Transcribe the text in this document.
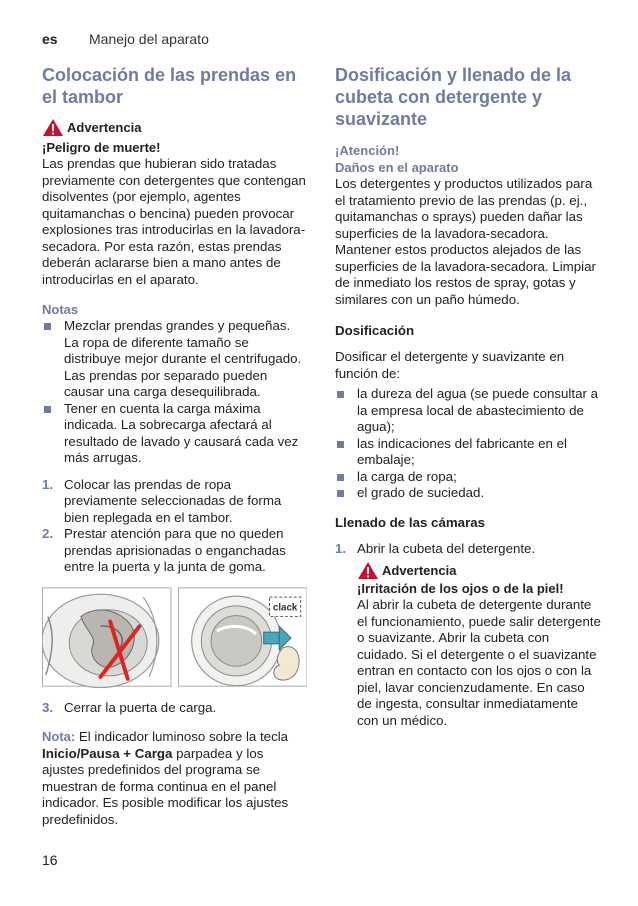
es Manejo del aparato
Colocación de las prendas en el tambor
Advertencia
¡Peligro de muerte!

Las prendas que hubieran sido tratadas previamente con detergentes que contengan disolventes (por ejemplo, agentes quitamanchas o bencina) pueden provocar explosiones tras introducirlas en la lavadora-secadora. Por esta razón, estas prendas deberán aclararse bien a mano antes de introducirlas en el aparato.

Notas
Mezclar prendas grandes y pequeñas. La ropa de diferente tamaño se distribuye mejor durante el centrifugado. Las prendas por separado pueden causar una carga desequilibrada.
Tener en cuenta la carga máxima indicada. La sobrecarga afectará al resultado de lavado y causará cada vez más arrugas.
1. Colocar las prendas de ropa previamente seleccionadas de forma bien replegada en el tambor.
2. Prestar atención para que no queden prendas aprisionadas o enganchadas entre la puerta y la junta de goma.
clack
3. Cerrar la puerta de carga.

Nota: El indicador luminoso sobre la tecla Inicio/Pausa + Carga parpadea y los ajustes predefinidos del programa se muestran de forma continua en el panel indicador. Es posible modificar los ajustes predefinidos.

Dosificación y llenado de la cubeta con detergente y suavizante
¡Atención!
Daños en el aparato

Los detergentes y productos utilizados para el tratamiento previo de las prendas (p. ej., quitamanchas o sprays) pueden dañar las superficies de la lavadora-secadora. Mantener estos productos alejados de las superficies de la lavadora-secadora. Limpiar de inmediato los restos de spray, gotas y similares con un paño húmedo.

Dosificación

Dosificar el detergente y suavizante en función de:

la dureza del agua (se puede consultar a la empresa local de abastecimiento de agua);
las indicaciones del fabricante en el embalaje;
la carga de ropa;
el grado de suciedad.
Llenado de las cámaras
1. Abrir la cubeta del detergente.
Advertencia
¡Irritación de los ojos o de la piel!

Al abrir la cubeta de detergente durante el funcionamiento, puede salir detergente o suavizante. Abrir la cubeta con cuidado. Si el detergente o el suavizante entran en contacto con los ojos o con la piel, lavar concienzudamente. En caso de ingesta, consultar inmediatamente con un médico.

16
